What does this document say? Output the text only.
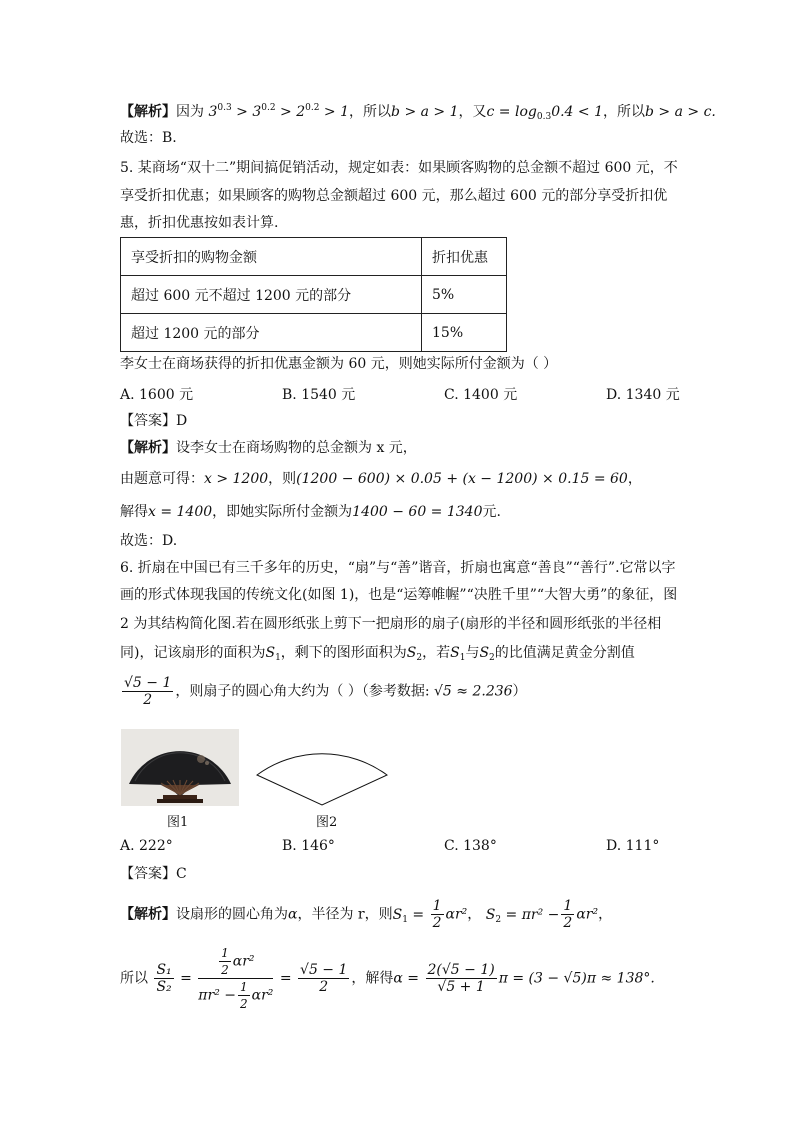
【解析】因为 $3^{0.3} > 3^{0.2} > 2^{0.2} > 1$，所以b > a > 1，又$c = \log_{0.3}0.4 < 1$，所以b > a > c.
故选：B.
5. 某商场“双十二”期间搞促销活动，规定如表：如果顾客购物的总金额不超过 600 元，不
享受折扣优惠；如果顾客的购物总金额超过 600 元，那么超过 600 元的部分享受折扣优
惠，折扣优惠按如表计算.
享受折扣的购物金额	折扣优惠
超过 600 元不超过 1200 元的部分	5%
超过 1200 元的部分	15%
李女士在商场获得的折扣优惠金额为 60 元，则她实际所付金额为（ ）
A. 1600 元	B. 1540 元	C. 1400 元	D. 1340 元
【答案】D
【解析】设李女士在商场购物的总金额为 x 元，
由题意可得：x > 1200，则(1200 − 600) × 0.05 + (x − 1200) × 0.15 = 60，
解得x = 1400，即她实际所付金额为1400 − 60 = 1340元.
故选：D.
6. 折扇在中国已有三千多年的历史，“扇”与“善”谐音，折扇也寓意“善良”“善行”.它常以字
画的形式体现我国的传统文化(如图 1)，也是“运筹帷幄”“决胜千里”“大智大勇”的象征，图
2 为其结构简化图.若在圆形纸张上剪下一把扇形的扇子(扇形的半径和圆形纸张的半径相
同)，记该扇形的面积为$S_1$，剩下的图形面积为$S_2$，若$S_1$与$S_2$的比值满足黄金分割值
$\frac{√5 - 1}{2}$ ，则扇子的圆心角大约为（ ）（参考数据: √5 ≈ 2.236）
图1	图2
A. 222°	B. 146°	C. 138°	D. 111°
【答案】C
【解析】设扇形的圆心角为α，半径为 r，则$S_1 = \frac{1}{2} \alpha r^2$， $S_2 = \pi r^2 - \frac{1}{2} \alpha r^2$，
所以 $\frac{\text{S₁}}{\text{S₂}} = \frac{\frac{1}{2} \alpha r^2}{\pi r^2 - \frac{1}{2} \alpha r^2} = \frac{√5 - 1}{2}$ ，解得$\alpha = \frac{2(√5 - 1)}{√5 + 1}$ π = (3 − √5)π ≈ 138°.
